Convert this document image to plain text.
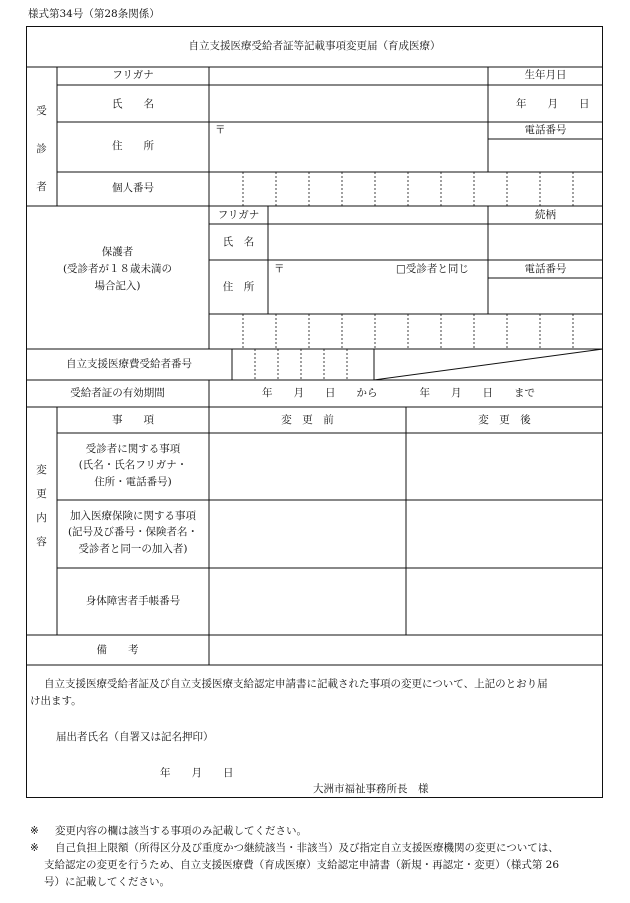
様式第34号（第28条関係）
自立支援医療受給者証等記載事項変更届（育成医療）
受
診
者
フリガナ	生年月日
氏　　名	年　　月　　日
住　　所
〒	電話番号
個人番号
保護者
(受診者が１８歳未満の
場合記入)
フリガナ	続柄
氏　名
住　所
〒	□受診者と同じ	電話番号
自立支援医療費受給者番号
受給者証の有効期間	年　　月　　日　　から　　　　年　　月　　日　　まで
変
更
内
容
事　　項	変　更　前	変　更　後
受診者に関する事項
(氏名・氏名フリガナ・
住所・電話番号)
加入医療保険に関する事項
(記号及び番号・保険者名・
受診者と同一の加入者)
身体障害者手帳番号
備　　考
自立支援医療受給者証及び自立支援医療支給認定申請書に記載された事項の変更について、上記のとおり届
け出ます。
届出者氏名（自署又は記名押印）
年　　月　　日
大洲市福祉事務所長　様
※ 変更内容の欄は該当する事項のみ記載してください。
※ 自己負担上限額（所得区分及び重度かつ継続該当・非該当）及び指定自立支援医療機関の変更については、
支給認定の変更を行うため、自立支援医療費（育成医療）支給認定申請書（新規・再認定・変更）（様式第 26
号）に記載してください。
